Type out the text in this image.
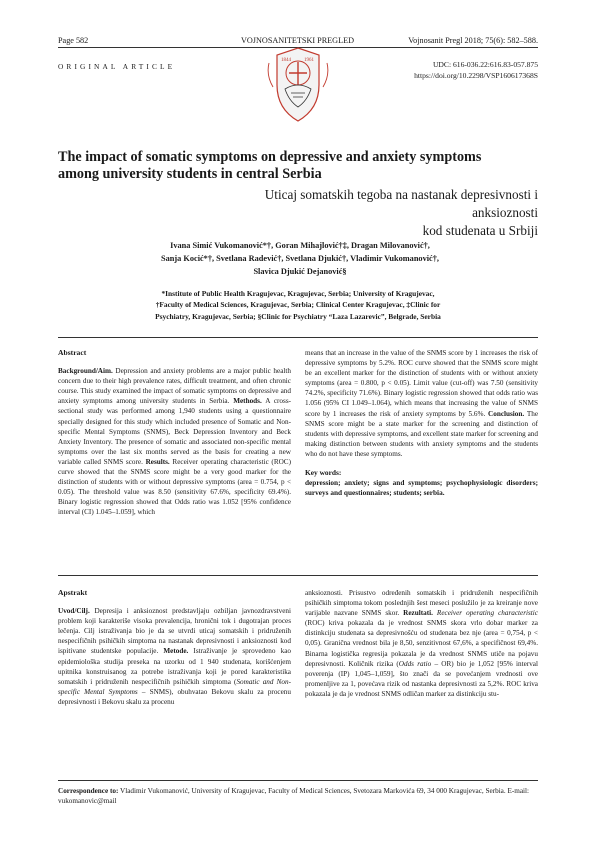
Page 582	VOJNOSANITETSKI PREGLED	Vojnosanit Pregl 2018; 75(6): 582–588.
ORIGINAL ARTICLE
1844	1961	UDC: 616-036.22:616.83-057.875
https://doi.org/10.2298/VSP160617368S
The impact of somatic symptoms on depressive and anxiety symptoms
among university students in central Serbia
Uticaj somatskih tegoba na nastanak depresivnosti i anksioznosti
kod studenata u Srbiji
Ivana Simić Vukomanović*†, Goran Mihajlović†‡, Dragan Milovanović†,
Sanja Kocić*†, Svetlana Radević†, Svetlana Djukić†, Vladimir Vukomanović†,
Slavica Djukić Dejanović§
*Institute of Public Health Kragujevac, Kragujevac, Serbia; University of Kragujevac,
†Faculty of Medical Sciences, Kragujevac, Serbia; Clinical Center Kragujevac, ‡Clinic for
Psychiatry, Kragujevac, Serbia; §Clinic for Psychiatry “Laza Lazarevic”, Belgrade, Serbia
Abstract

Background/Aim. Depression and anxiety problems are a major public health concern due to their high prevalence rates, difficult treatment, and often chronic course. This study examined the impact of somatic symptoms on depressive and anxiety symptoms among university students in Serbia. Methods. A cross-sectional study was performed among 1,940 students using a questionnaire specially designed for this study which included presence of Somatic and Non-specific Mental Symptoms (SNMS), Beck Depression Inventory and Beck Anxiety Inventory. The presence of somatic and associated non-specific mental symptoms over the last six months served as the basis for creating a new variable called SNMS score. Results. Receiver operating characteristic (ROC) curve showed that the SNMS score might be a very good marker for the distinction of students with or without depressive symptoms (area = 0.754, p < 0.05). The threshold value was 8.50 (sensitivity 67.6%, specificity 69.4%). Binary logistic regression showed that Odds ratio was 1.052 [95% confidence interval (CI) 1.045–1.059], which

means that an increase in the value of the SNMS score by 1 increases the risk of depressive symptoms by 5.2%. ROC curve showed that the SNMS score might be an excellent marker for the distinction of students with or without anxiety symptoms (area = 0.800, p < 0.05). Limit value (cut-off) was 7.50 (sensitivity 74.2%, specificity 71.6%). Binary logistic regression showed that odds ratio was 1.056 (95% CI 1.049–1.064), which means that increasing the value of SNMS score by 1 increases the risk of anxiety symptoms by 5.6%. Conclusion. The SNMS score might be a state marker for the screening and distinction of students with depressive symptoms, and excellent state marker for screening and making distinction between students with anxiety symptoms and the students who do not have these symptoms.

Key words:
depression; anxiety; signs and symptoms; psychophysiologic disorders; surveys and questionnaires; students; serbia.
Apstrakt

Uvod/Cilj. Depresija i anksioznost predstavljaju ozbiljan javnozdravstveni problem koji karakteriše visoka prevalencija, hronični tok i dugotrajan proces lečenja. Cilj istraživanja bio je da se utvrdi uticaj somatskih i pridruženih nespecifičnih psihičkih simptoma na nastanak depresivnosti i anksioznosti kod ispitivane studentske populacije. Metode. Istraživanje je sprovedeno kao epidemiološka studija preseka na uzorku od 1 940 studenata, korišćenjem upitnika konstruisanog za potrebe istraživanja koji je pored karakteristika somatskih i pridruženih nespecifičnih psihičkih simptoma (Somatic and Non-specific Mental Symptoms – SNMS), obuhvatao Bekovu skalu za procenu depresivnosti i Bekovu skalu za procenu

anksioznosti. Prisustvo određenih somatskih i pridruženih nespecifičnih psihičkih simptoma tokom poslednjih šest meseci poslužilo je za kreiranje nove varijable nazvane SNMS skor. Rezultati. Receiver operating characteristic (ROC) kriva pokazala da je vrednost SNMS skora vrlo dobar marker za distinkciju studenata sa depresivnošću od studenata bez nje (area = 0,754, p < 0,05). Granična vrednost bila je 8,50, senzitivnost 67,6%, a specifičnost 69,4%. Binarna logistička regresija pokazala je da vrednost SNMS utiče na pojavu depresivnosti. Količnik rizika (Odds ratio – OR) bio je 1,052 [95% interval poverenja (IP) 1,045–1,059], što znači da se povećanjem vrednosti ove promenljive za 1, povećava rizik od nastanka depresivnosti za 5,2%. ROC kriva pokazala je da je vrednost SNMS odličan marker za distinkciju stu-

Correspondence to: Vladimir Vukomanović, University of Kragujevac, Faculty of Medical Sciences, Svetozara Markovića 69, 34 000 Kragujevac, Serbia. E-mail: vukomanovic@mail
